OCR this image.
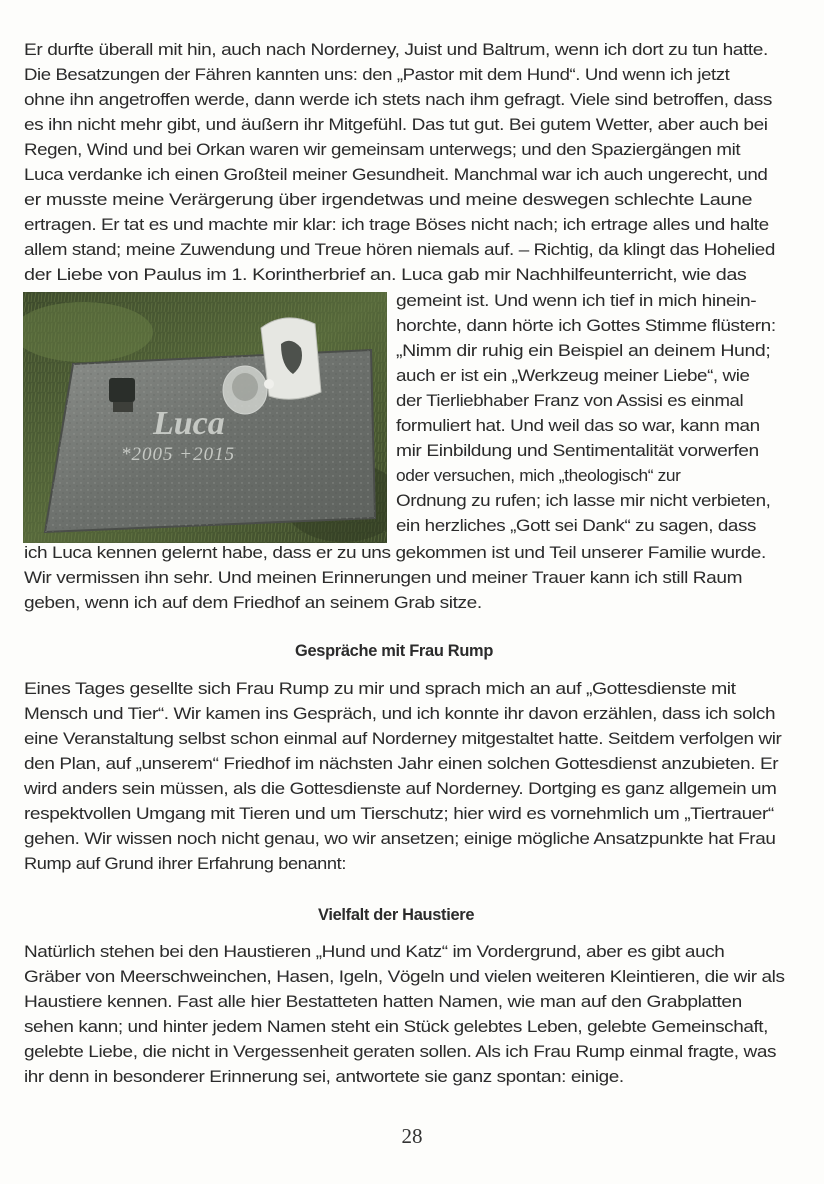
Er durfte überall mit hin, auch nach Norderney, Juist und Baltrum, wenn ich dort zu tun hatte.
Die Besatzungen der Fähren kannten uns: den „Pastor mit dem Hund“. Und wenn ich jetzt
ohne ihn angetroffen werde, dann werde ich stets nach ihm gefragt. Viele sind betroffen, dass
es ihn nicht mehr gibt, und äußern ihr Mitgefühl. Das tut gut. Bei gutem Wetter, aber auch bei
Regen, Wind und bei Orkan waren wir gemeinsam unterwegs; und den Spaziergängen mit
Luca verdanke ich einen Großteil meiner Gesundheit. Manchmal war ich auch ungerecht, und
er musste meine Verärgerung über irgendetwas und meine deswegen schlechte Laune
ertragen. Er tat es und machte mir klar: ich trage Böses nicht nach; ich ertrage alles und halte
allem stand; meine Zuwendung und Treue hören niemals auf. – Richtig, da klingt das Hohelied
der Liebe von Paulus im 1. Korintherbrief an. Luca gab mir Nachhilfeunterricht, wie das
Luca
*2005 +2015
gemeint ist. Und wenn ich tief in mich hinein-
horchte, dann hörte ich Gottes Stimme flüstern:
„Nimm dir ruhig ein Beispiel an deinem Hund;
auch er ist ein „Werkzeug meiner Liebe“, wie
der Tierliebhaber Franz von Assisi es einmal
formuliert hat. Und weil das so war, kann man
mir Einbildung und Sentimentalität vorwerfen
oder versuchen, mich „theologisch“ zur
Ordnung zu rufen; ich lasse mir nicht verbieten,
ein herzliches „Gott sei Dank“ zu sagen, dass
ich Luca kennen gelernt habe, dass er zu uns gekommen ist und Teil unserer Familie wurde.
Wir vermissen ihn sehr. Und meinen Erinnerungen und meiner Trauer kann ich still Raum
geben, wenn ich auf dem Friedhof an seinem Grab sitze.
Gespräche mit Frau Rump
Eines Tages gesellte sich Frau Rump zu mir und sprach mich an auf „Gottesdienste mit
Mensch und Tier“. Wir kamen ins Gespräch, und ich konnte ihr davon erzählen, dass ich solch
eine Veranstaltung selbst schon einmal auf Norderney mitgestaltet hatte. Seitdem verfolgen wir
den Plan, auf „unserem“ Friedhof im nächsten Jahr einen solchen Gottesdienst anzubieten. Er
wird anders sein müssen, als die Gottesdienste auf Norderney. Dortging es ganz allgemein um
respektvollen Umgang mit Tieren und um Tierschutz; hier wird es vornehmlich um „Tiertrauer“
gehen. Wir wissen noch nicht genau, wo wir ansetzen; einige mögliche Ansatzpunkte hat Frau
Rump auf Grund ihrer Erfahrung benannt:
Vielfalt der Haustiere
Natürlich stehen bei den Haustieren „Hund und Katz“ im Vordergrund, aber es gibt auch
Gräber von Meerschweinchen, Hasen, Igeln, Vögeln und vielen weiteren Kleintieren, die wir als
Haustiere kennen. Fast alle hier Bestatteten hatten Namen, wie man auf den Grabplatten
sehen kann; und hinter jedem Namen steht ein Stück gelebtes Leben, gelebte Gemeinschaft,
gelebte Liebe, die nicht in Vergessenheit geraten sollen. Als ich Frau Rump einmal fragte, was
ihr denn in besonderer Erinnerung sei, antwortete sie ganz spontan: einige.
28
